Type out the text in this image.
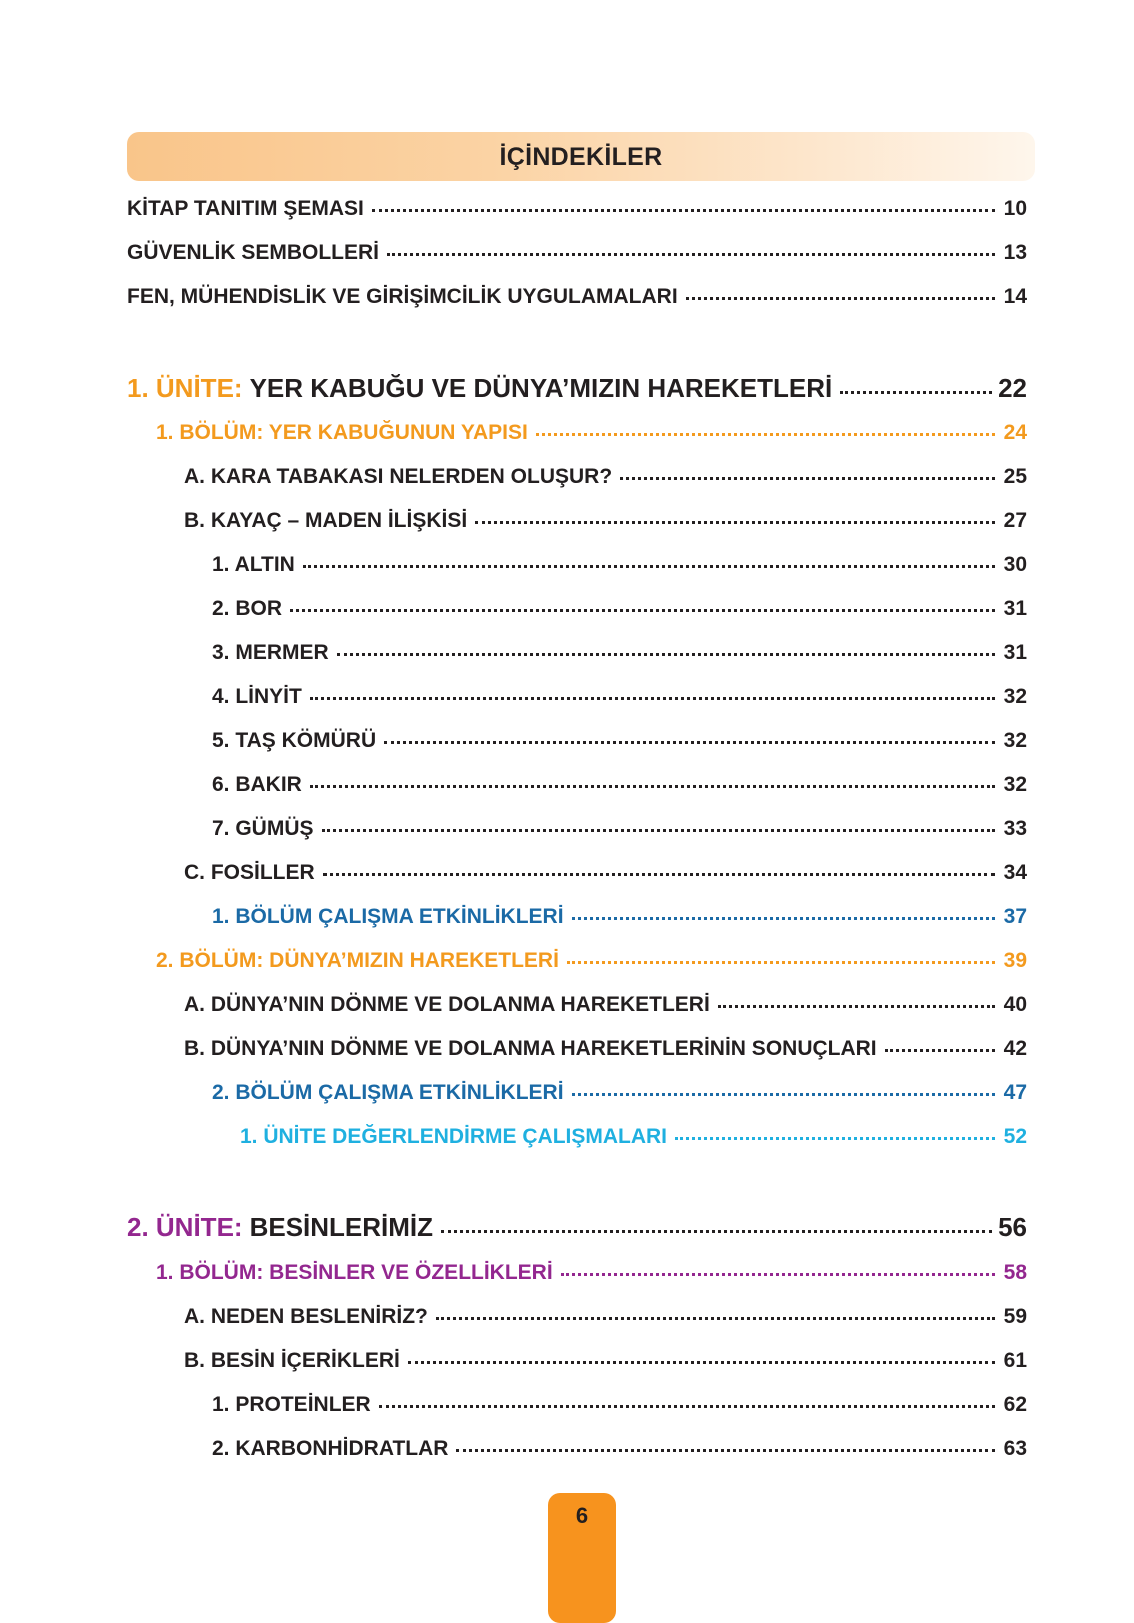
İÇİNDEKİLER
KİTAP TANITIM ŞEMASI	10
GÜVENLİK SEMBOLLERİ	13
FEN, MÜHENDİSLİK VE GİRİŞİMCİLİK UYGULAMALARI	14
1. ÜNİTE: YER KABUĞU VE DÜNYA’MIZIN HAREKETLERİ	22
1. BÖLÜM: YER KABUĞUNUN YAPISI	24
A. KARA TABAKASI NELERDEN OLUŞUR?	25
B. KAYAÇ – MADEN İLİŞKİSİ	27
1. ALTIN	30
2. BOR	31
3. MERMER	31
4. LİNYİT	32
5. TAŞ KÖMÜRÜ	32
6. BAKIR	32
7. GÜMÜŞ	33
C. FOSİLLER	34
1. BÖLÜM ÇALIŞMA ETKİNLİKLERİ	37
2. BÖLÜM: DÜNYA’MIZIN HAREKETLERİ	39
A. DÜNYA’NIN DÖNME VE DOLANMA HAREKETLERİ	40
B. DÜNYA’NIN DÖNME VE DOLANMA HAREKETLERİNİN SONUÇLARI	42
2. BÖLÜM ÇALIŞMA ETKİNLİKLERİ	47
1. ÜNİTE DEĞERLENDİRME ÇALIŞMALARI	52
2. ÜNİTE: BESİNLERİMİZ	56
1. BÖLÜM: BESİNLER VE ÖZELLİKLERİ	58
A. NEDEN BESLENİRİZ?	59
B. BESİN İÇERİKLERİ	61
1. PROTEİNLER	62
2. KARBONHİDRATLAR	63
6
